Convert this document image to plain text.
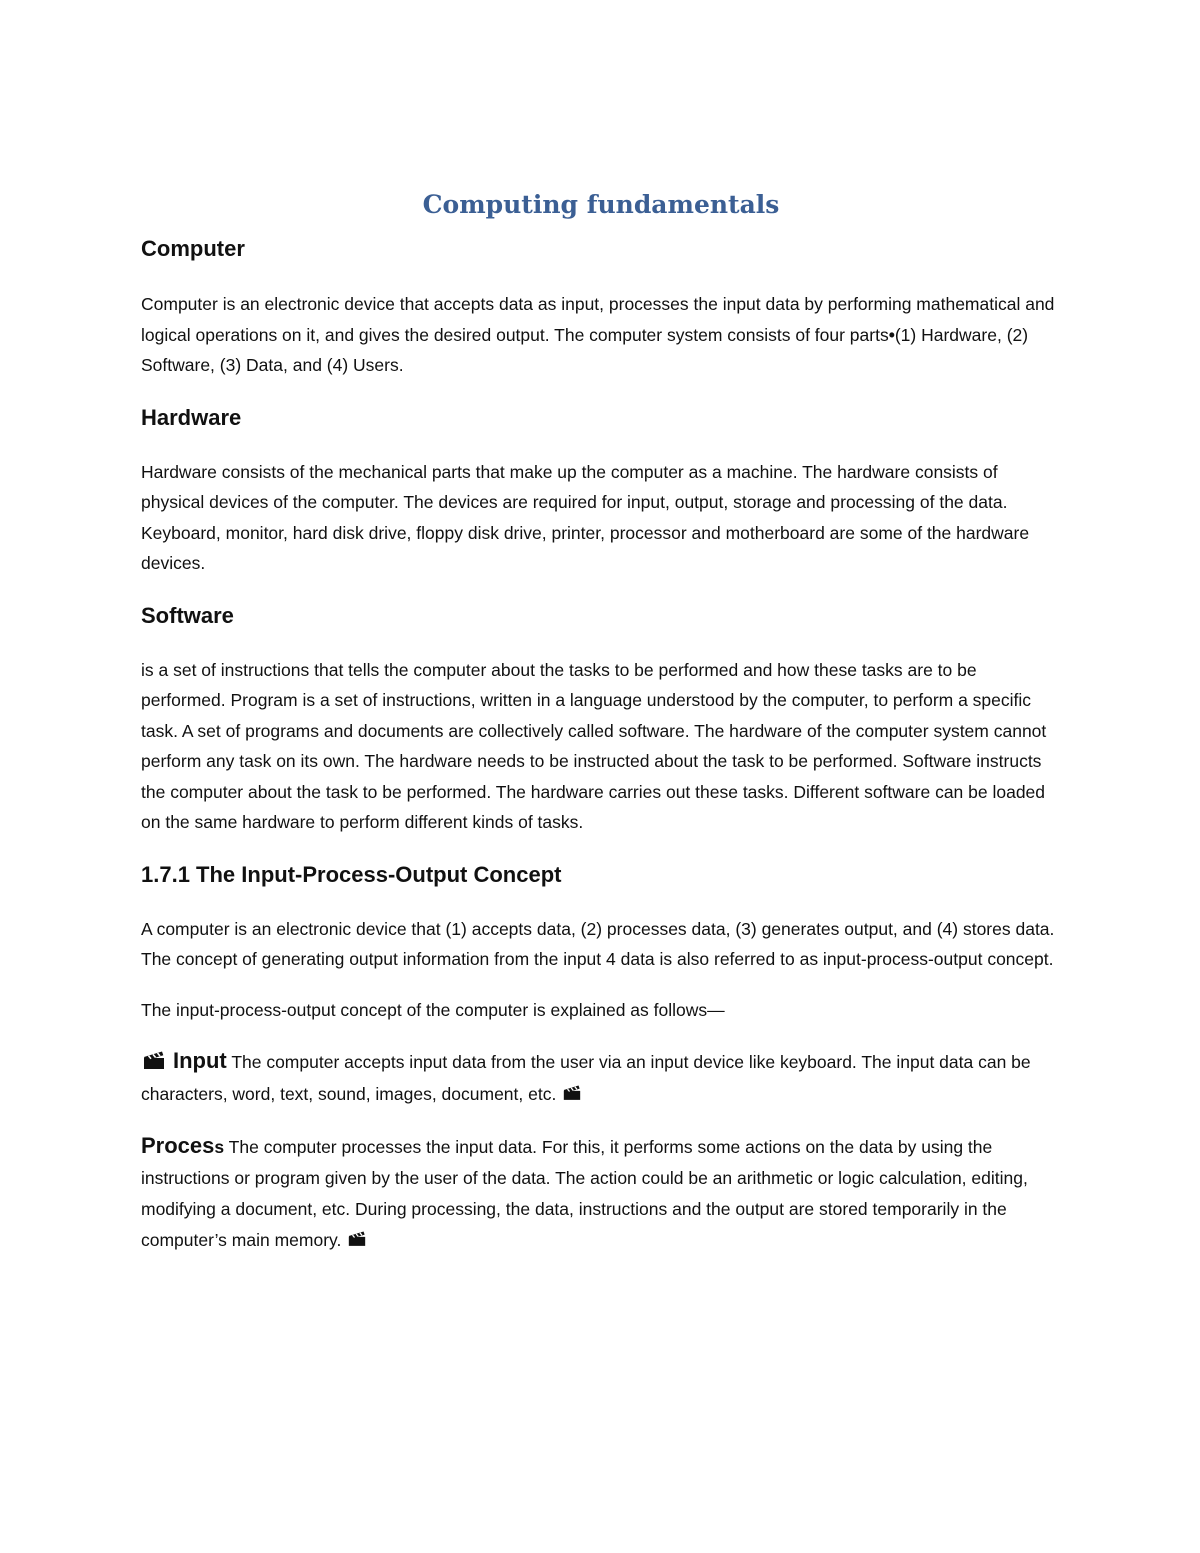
Computing fundamentals
Computer

Computer is an electronic device that accepts data as input, processes the input data by performing mathematical and logical operations on it, and gives the desired output. The computer system consists of four parts•(1) Hardware, (2) Software, (3) Data, and (4) Users.

Hardware

Hardware consists of the mechanical parts that make up the computer as a machine. The hardware consists of physical devices of the computer. The devices are required for input, output, storage and processing of the data. Keyboard, monitor, hard disk drive, floppy disk drive, printer, processor and motherboard are some of the hardware devices.

Software

is a set of instructions that tells the computer about the tasks to be performed and how these tasks are to be performed. Program is a set of instructions, written in a language understood by the computer, to perform a specific task. A set of programs and documents are collectively called software. The hardware of the computer system cannot perform any task on its own. The hardware needs to be instructed about the task to be performed. Software instructs the computer about the task to be performed. The hardware carries out these tasks. Different software can be loaded on the same hardware to perform different kinds of tasks.

1.7.1 The Input-Process-Output Concept

A computer is an electronic device that (1) accepts data, (2) processes data, (3) generates output, and (4) stores data. The concept of generating output information from the input 4 data is also referred to as input-process-output concept.

The input-process-output concept of the computer is explained as follows—

Input The computer accepts input data from the user via an input device like keyboard. The input data can be characters, word, text, sound, images, document, etc.

Process The computer processes the input data. For this, it performs some actions on the data by using the instructions or program given by the user of the data. The action could be an arithmetic or logic calculation, editing, modifying a document, etc. During processing, the data, instructions and the output are stored temporarily in the computer’s main memory.
